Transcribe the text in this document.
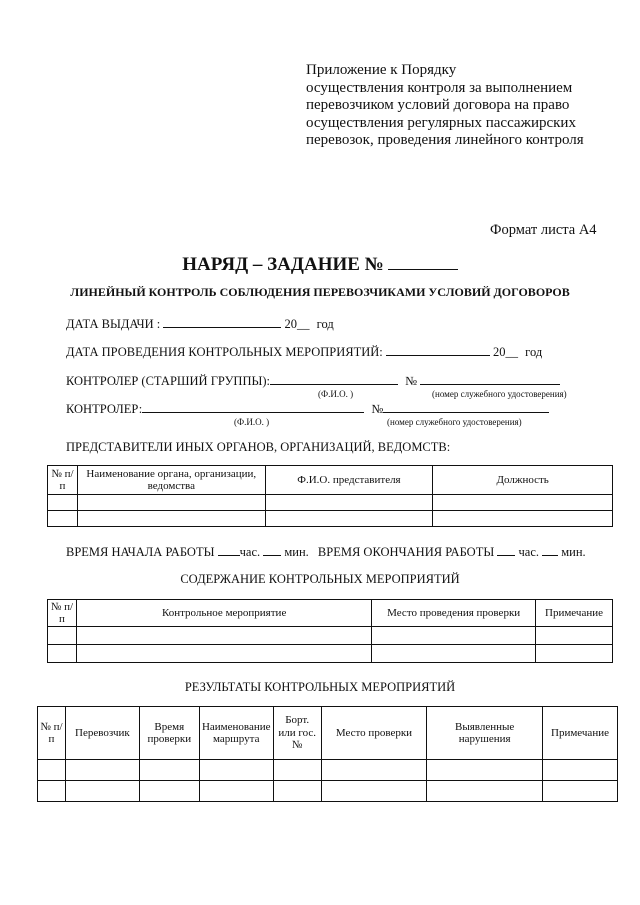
Приложение к Порядку
осуществления контроля за выполнением
перевозчиком условий договора на право
осуществления регулярных пассажирских
перевозок, проведения линейного контроля
Формат листа А4
НАРЯД – ЗАДАНИЕ №
ЛИНЕЙНЫЙ КОНТРОЛЬ СОБЛЮДЕНИЯ ПЕРЕВОЗЧИКАМИ УСЛОВИЙ ДОГОВОРОВ
ДАТА ВЫДАЧИ :	20__ год
ДАТА ПРОВЕДЕНИЯ КОНТРОЛЬНЫХ МЕРОПРИЯТИЙ:	20__ год
КОНТРОЛЕР (СТАРШИЙ ГРУППЫ):	№
(Ф.И.О. )	(номер служебного удостоверения)
КОНТРОЛЕР:	№
(Ф.И.О. )	(номер служебного удостоверения)
ПРЕДСТАВИТЕЛИ ИНЫХ ОРГАНОВ, ОРГАНИЗАЦИЙ, ВЕДОМСТВ:
№ п/п	Наименование органа, организации, ведомства	Ф.И.О. представителя	Должность

ВРЕМЯ НАЧАЛА РАБОТЫ час. мин. ВРЕМЯ ОКОНЧАНИЯ РАБОТЫ час. мин.
СОДЕРЖАНИЕ КОНТРОЛЬНЫХ МЕРОПРИЯТИЙ
№ п/п	Контрольное мероприятие	Место проведения проверки	Примечание

РЕЗУЛЬТАТЫ КОНТРОЛЬНЫХ МЕРОПРИЯТИЙ
№ п/п	Перевозчик	Время проверки	Наименование маршрута	Борт. или гос. №	Место проверки	Выявленные нарушения	Примечание
